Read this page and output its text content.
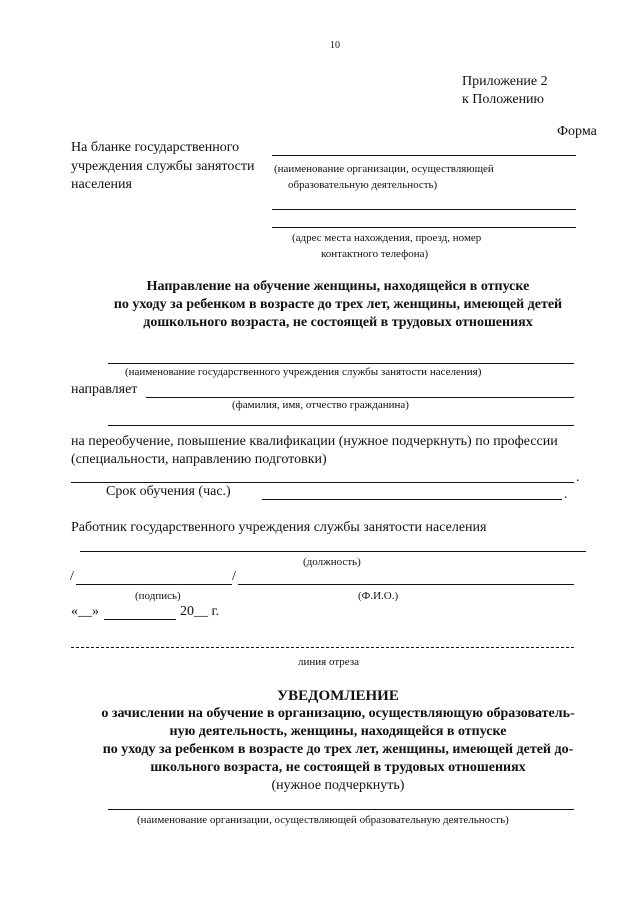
10
Приложение 2
к Положению
Форма
На бланке государственного
учреждения службы занятости
населения
(наименование организации, осуществляющей
образовательную деятельность)
(адрес места нахождения, проезд, номер
контактного телефона)
Направление на обучение женщины, находящейся в отпуске
по уходу за ребенком в возрасте до трех лет, женщины, имеющей детей
дошкольного возраста, не состоящей в трудовых отношениях
(наименование государственного учреждения службы занятости населения)
направляет
(фамилия, имя, отчество гражданина)
на переобучение, повышение квалификации (нужное подчеркнуть) по профессии
(специальности, направлению подготовки)
.
Срок обучения (час.)	.
Работник государственного учреждения службы занятости населения
(должность)
/	/
(подпись)	(Ф.И.О.)
«__»	20__ г.
линия отреза
УВЕДОМЛЕНИЕ
о зачислении на обучение в организацию, осуществляющую образователь-
ную деятельность, женщины, находящейся в отпуске
по уходу за ребенком в возрасте до трех лет, женщины, имеющей детей до-
школьного возраста, не состоящей в трудовых отношениях
(нужное подчеркнуть)
(наименование организации, осуществляющей образовательную деятельность)
